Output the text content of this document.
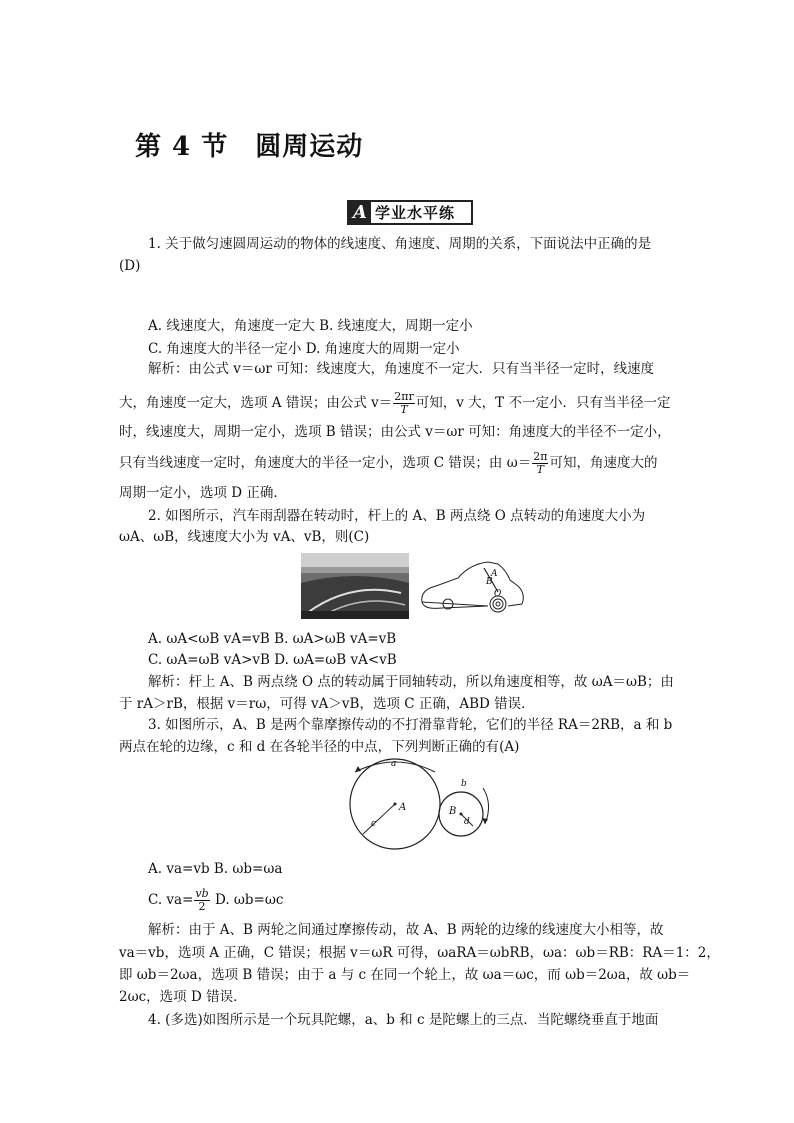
第 4 节　圆周运动
A 学业水平练
1. 关于做匀速圆周运动的物体的线速度、角速度、周期的关系，下面说法中正确的是
(D)
A. 线速度大，角速度一定大 B. 线速度大，周期一定小
C. 角速度大的半径一定小 D. 角速度大的周期一定小
解析：由公式 v＝ωr 可知：线速度大，角速度不一定大．只有当半径一定时，线速度
大，角速度一定大，选项 A 错误；由公式 $v= \frac{2\pi r}{T}$ 可知，v 大，T 不一定小．只有当半径一定
时，线速度大，周期一定小，选项 B 错误；由公式 v＝ωr 可知：角速度大的半径不一定小，
只有当线速度一定时，角速度大的半径一定小，选项 C 错误；由 $\omega= \frac{2\pi}{T}$ 可知，角速度大的
周期一定小，选项 D 正确．
2. 如图所示，汽车雨刮器在转动时，杆上的 A、B 两点绕 O 点转动的角速度大小为
ωA、ωB，线速度大小为 vA、vB，则(C)
B
A
O
A. ωA<ωB vA=vB B. ωA>ωB vA=vB
C. ωA=ωB vA>vB D. ωA=ωB vA<vB
解析：杆上 A、B 两点绕 O 点的转动属于同轴转动，所以角速度相等，故 ωA＝ωB；由
于 rA＞rB，根据 v＝rω，可得 vA＞vB，选项 C 正确，ABD 错误．
3. 如图所示，A、B 是两个靠摩擦传动的不打滑靠背轮，它们的半径 RA＝2RB，a 和 b
两点在轮的边缘，c 和 d 在各轮半径的中点，下列判断正确的有(A)
a
A
c
b
B
d
A. va=vb B. ωb=ωa
C. $va= \frac{vb}{2} D$. ωb=ωc
解析：由于 A、B 两轮之间通过摩擦传动，故 A、B 两轮的边缘的线速度大小相等，故
va＝vb，选项 A 正确，C 错误；根据 v＝ωR 可得，ωaRA＝ωbRB，ωa：ωb＝RB：RA＝1：2，
即 ωb＝2ωa，选项 B 错误；由于 a 与 c 在同一个轮上，故 ωa＝ωc，而 ωb＝2ωa，故 ωb＝
2ωc，选项 D 错误．
4. (多选)如图所示是一个玩具陀螺，a、b 和 c 是陀螺上的三点．当陀螺绕垂直于地面
